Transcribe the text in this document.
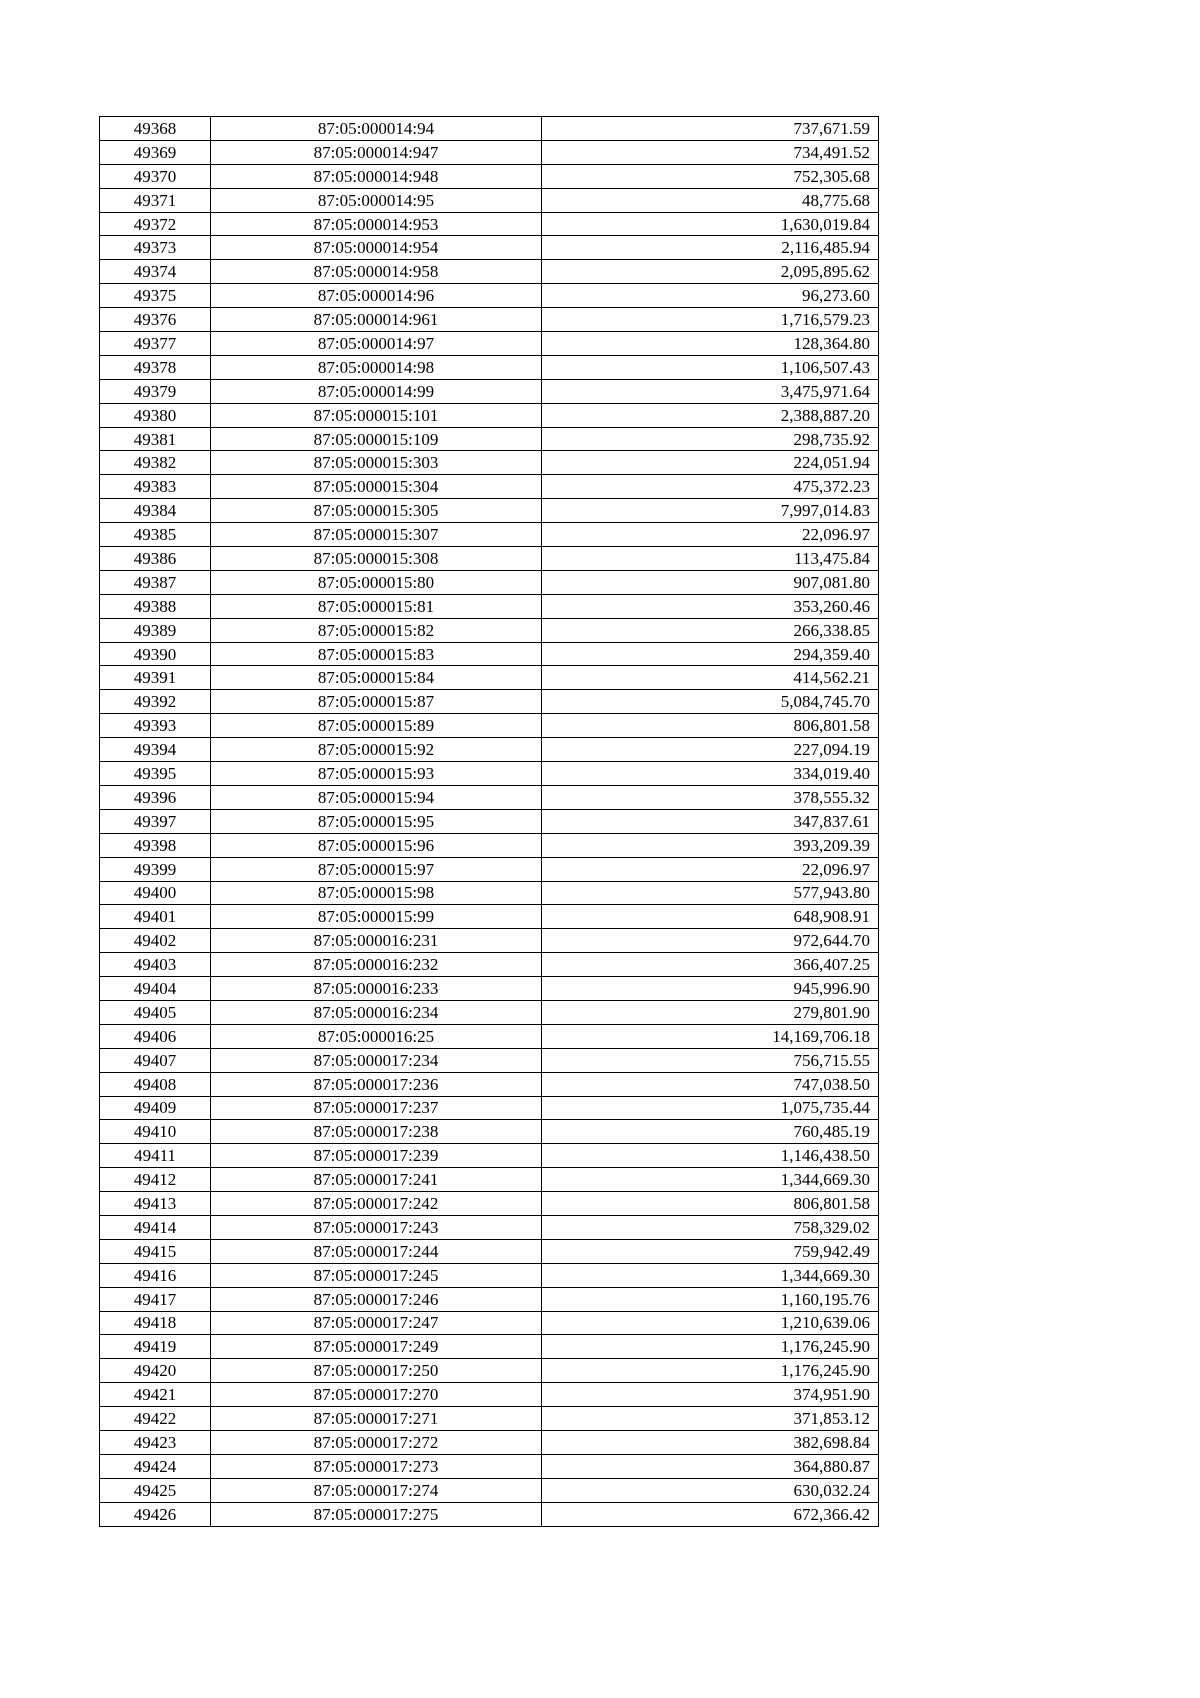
49368	87:05:000014:94	737,671.59
49369	87:05:000014:947	734,491.52
49370	87:05:000014:948	752,305.68
49371	87:05:000014:95	48,775.68
49372	87:05:000014:953	1,630,019.84
49373	87:05:000014:954	2,116,485.94
49374	87:05:000014:958	2,095,895.62
49375	87:05:000014:96	96,273.60
49376	87:05:000014:961	1,716,579.23
49377	87:05:000014:97	128,364.80
49378	87:05:000014:98	1,106,507.43
49379	87:05:000014:99	3,475,971.64
49380	87:05:000015:101	2,388,887.20
49381	87:05:000015:109	298,735.92
49382	87:05:000015:303	224,051.94
49383	87:05:000015:304	475,372.23
49384	87:05:000015:305	7,997,014.83
49385	87:05:000015:307	22,096.97
49386	87:05:000015:308	113,475.84
49387	87:05:000015:80	907,081.80
49388	87:05:000015:81	353,260.46
49389	87:05:000015:82	266,338.85
49390	87:05:000015:83	294,359.40
49391	87:05:000015:84	414,562.21
49392	87:05:000015:87	5,084,745.70
49393	87:05:000015:89	806,801.58
49394	87:05:000015:92	227,094.19
49395	87:05:000015:93	334,019.40
49396	87:05:000015:94	378,555.32
49397	87:05:000015:95	347,837.61
49398	87:05:000015:96	393,209.39
49399	87:05:000015:97	22,096.97
49400	87:05:000015:98	577,943.80
49401	87:05:000015:99	648,908.91
49402	87:05:000016:231	972,644.70
49403	87:05:000016:232	366,407.25
49404	87:05:000016:233	945,996.90
49405	87:05:000016:234	279,801.90
49406	87:05:000016:25	14,169,706.18
49407	87:05:000017:234	756,715.55
49408	87:05:000017:236	747,038.50
49409	87:05:000017:237	1,075,735.44
49410	87:05:000017:238	760,485.19
49411	87:05:000017:239	1,146,438.50
49412	87:05:000017:241	1,344,669.30
49413	87:05:000017:242	806,801.58
49414	87:05:000017:243	758,329.02
49415	87:05:000017:244	759,942.49
49416	87:05:000017:245	1,344,669.30
49417	87:05:000017:246	1,160,195.76
49418	87:05:000017:247	1,210,639.06
49419	87:05:000017:249	1,176,245.90
49420	87:05:000017:250	1,176,245.90
49421	87:05:000017:270	374,951.90
49422	87:05:000017:271	371,853.12
49423	87:05:000017:272	382,698.84
49424	87:05:000017:273	364,880.87
49425	87:05:000017:274	630,032.24
49426	87:05:000017:275	672,366.42
